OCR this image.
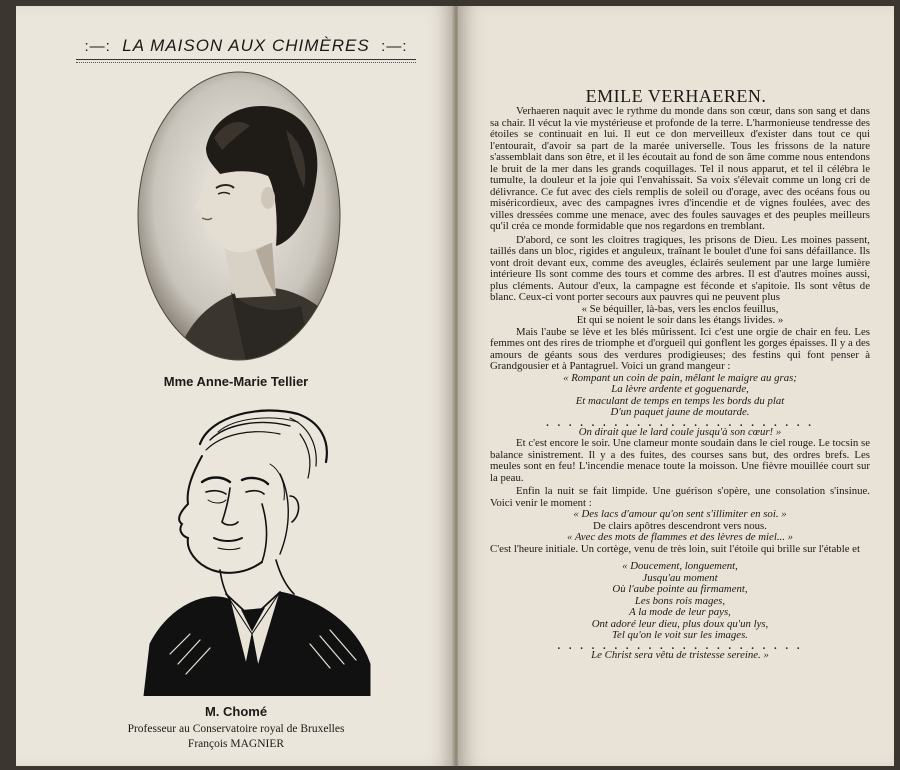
:—: LA MAISON AUX CHIMÈRES :—:
Mme Anne-Marie Tellier
M. Chomé
Professeur au Conservatoire royal de Bruxelles
François MAGNIER
EMILE VERHAEREN.

Verhaeren naquit avec le rythme du monde dans son cœur, dans son sang et dans sa chair. Il vécut la vie mystérieuse et profonde de la terre. L'harmonieuse tendresse des étoiles se continuait en lui. Il eut ce don merveilleux d'exister dans tout ce qui l'entourait, d'avoir sa part de la marée universelle. Tous les frissons de la nature s'assemblait dans son être, et il les écoutait au fond de son âme comme nous entendons le bruit de la mer dans les grands coquillages. Tel il nous apparut, et tel il célébra le tumulte, la douleur et la joie qui l'envahissait. Sa voix s'élevait comme un long cri de délivrance. Ce fut avec des ciels remplis de soleil ou d'orage, avec des océans fous ou miséricordieux, avec des campagnes ivres d'incendie et de vignes foulées, avec des villes dressées comme une menace, avec des foules sauvages et des peuples meilleurs qu'il créa ce monde formidable que nos regardons en tremblant.

D'abord, ce sont les cloitres tragiques, les prisons de Dieu. Les moines passent, taillés dans un bloc, rigides et anguleux, traînant le boulet d'une foi sans défaillance. Ils vont droit devant eux, comme des aveugles, éclairés seulement par une large lumière intérieure Ils sont comme des tours et comme des arbres. Il est d'autres moines aussi, plus cléments. Autour d'eux, la campagne est féconde et s'apitoie. Ils sont vêtus de blanc. Ceux-ci vont porter secours aux pauvres qui ne peuvent plus

« Se béquiller, là-bas, vers les enclos feuillus,
Et qui se noient le soir dans les étangs livides. »

Mais l'aube se lève et les blés mûrissent. Ici c'est une orgie de chair en feu. Les femmes ont des rires de triomphe et d'orgueil qui gonflent les gorges épaisses. Il y a des amours de géants sous des verdures prodigieuses; des festins qui font penser à Grandgousier et à Pantagruel. Voici un grand mangeur :

« Rompant un coin de pain, mêlant le maigre au gras;
La lèvre ardente et goguenarde,
Et maculant de temps en temps les bords du plat
D'un paquet jaune de moutarde.
. . . . . . . . . . . . . . . . . . . . . . . .
On dirait que le lard coule jusqu'à son cœur! »

Et c'est encore le soir. Une clameur monte soudain dans le ciel rouge. Le tocsin se balance sinistrement. Il y a des fuites, des courses sans but, des ordres brefs. Les meules sont en feu! L'incendie menace toute la moisson. Une fièvre mouillée court sur la peau.

Enfin la nuit se fait limpide. Une guérison s'opère, une consolation s'insinue. Voici venir le moment :

« Des lacs d'amour qu'on sent s'illimiter en soi. »
De clairs apôtres descendront vers nous.
« Avec des mots de flammes et des lèvres de miel... »

C'est l'heure initiale. Un cortège, venu de très loin, suit l'étoile qui brille sur l'étable et

« Doucement, longuement,
Jusqu'au moment
Où l'aube pointe au firmament,
Les bons rois mages,
A la mode de leur pays,
Ont adoré leur dieu, plus doux qu'un lys,
Tel qu'on le voit sur les images.
. . . . . . . . . . . . . . . . . . . . . .
Le Christ sera vêtu de tristesse sereine. »
